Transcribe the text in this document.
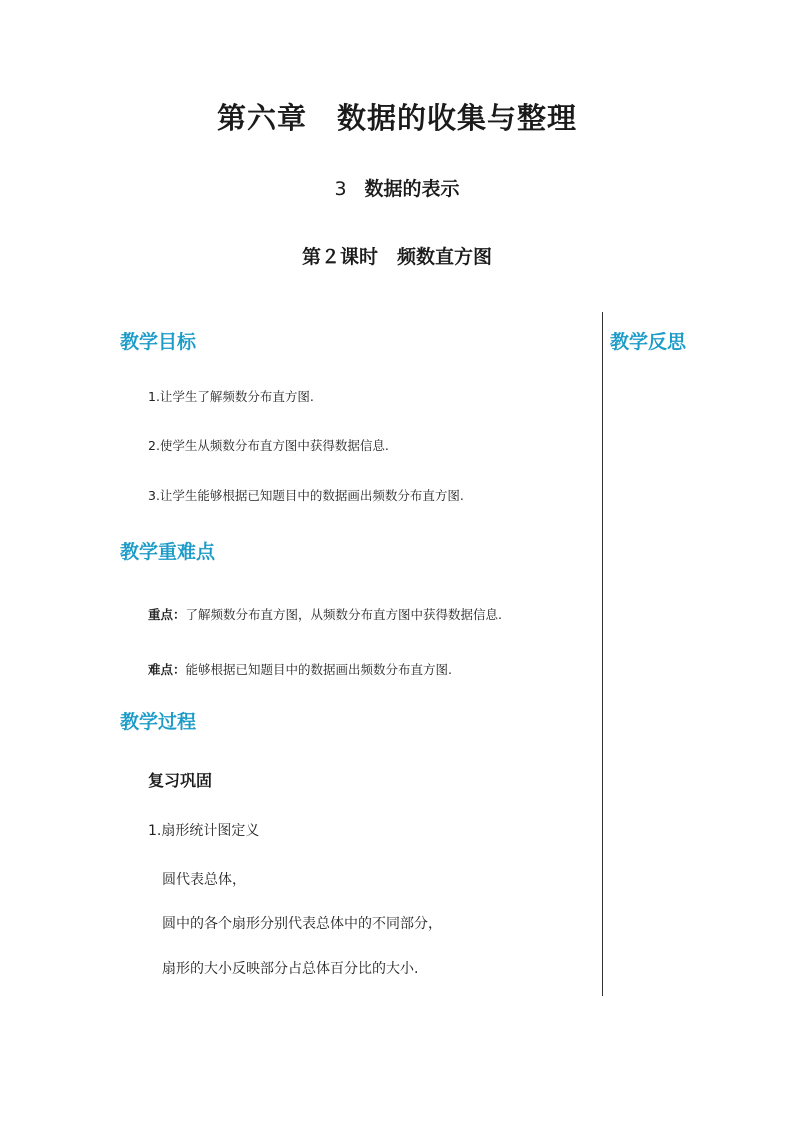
第六章　数据的收集与整理
3 数据的表示
第２课时　频数直方图
教学目标
1.让学生了解频数分布直方图.
2.使学生从频数分布直方图中获得数据信息.
3.让学生能够根据已知题目中的数据画出频数分布直方图.
教学重难点
重点：了解频数分布直方图，从频数分布直方图中获得数据信息.
难点：能够根据已知题目中的数据画出频数分布直方图.
教学过程
复习巩固
1.扇形统计图定义
圆代表总体，
圆中的各个扇形分别代表总体中的不同部分，
扇形的大小反映部分占总体百分比的大小.
教学反思
